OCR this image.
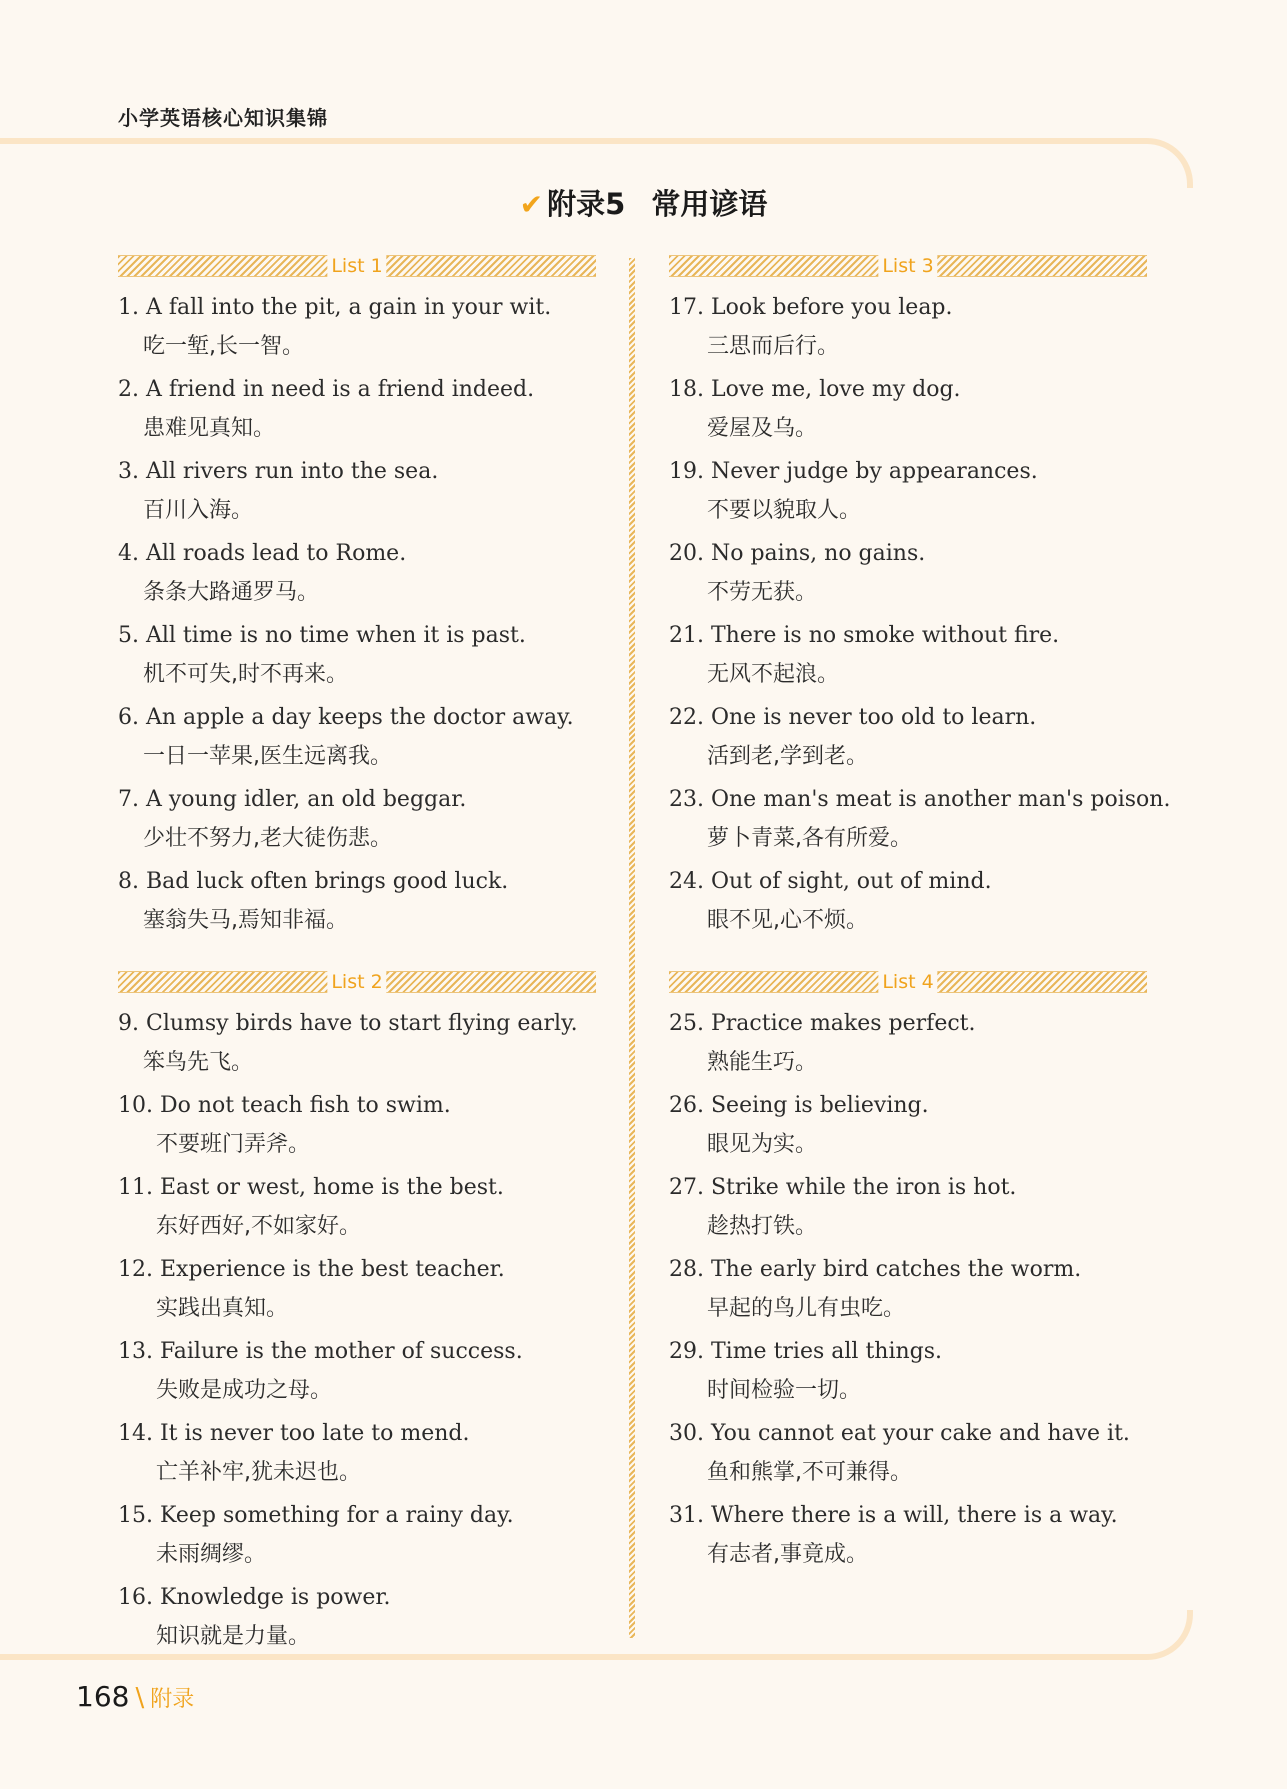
小学英语核心知识集锦
✔ 附录5 常用谚语
List 1
1. A fall into the pit, a gain in your wit.
吃一堑,长一智。
2. A friend in need is a friend indeed.
患难见真知。
3. All rivers run into the sea.
百川入海。
4. All roads lead to Rome.
条条大路通罗马。
5. All time is no time when it is past.
机不可失,时不再来。
6. An apple a day keeps the doctor away.
一日一苹果,医生远离我。
7. A young idler, an old beggar.
少壮不努力,老大徒伤悲。
8. Bad luck often brings good luck.
塞翁失马,焉知非福。
List 2
9. Clumsy birds have to start flying early.
笨鸟先飞。
10. Do not teach fish to swim.
不要班门弄斧。
11. East or west, home is the best.
东好西好,不如家好。
12. Experience is the best teacher.
实践出真知。
13. Failure is the mother of success.
失败是成功之母。
14. It is never too late to mend.
亡羊补牢,犹未迟也。
15. Keep something for a rainy day.
未雨绸缪。
16. Knowledge is power.
知识就是力量。
List 3
17. Look before you leap.
三思而后行。
18. Love me, love my dog.
爱屋及乌。
19. Never judge by appearances.
不要以貌取人。
20. No pains, no gains.
不劳无获。
21. There is no smoke without fire.
无风不起浪。
22. One is never too old to learn.
活到老,学到老。
23. One man's meat is another man's poison.
萝卜青菜,各有所爱。
24. Out of sight, out of mind.
眼不见,心不烦。
List 4
25. Practice makes perfect.
熟能生巧。
26. Seeing is believing.
眼见为实。
27. Strike while the iron is hot.
趁热打铁。
28. The early bird catches the worm.
早起的鸟儿有虫吃。
29. Time tries all things.
时间检验一切。
30. You cannot eat your cake and have it.
鱼和熊掌,不可兼得。
31. Where there is a will, there is a way.
有志者,事竟成。
168 \ 附录
